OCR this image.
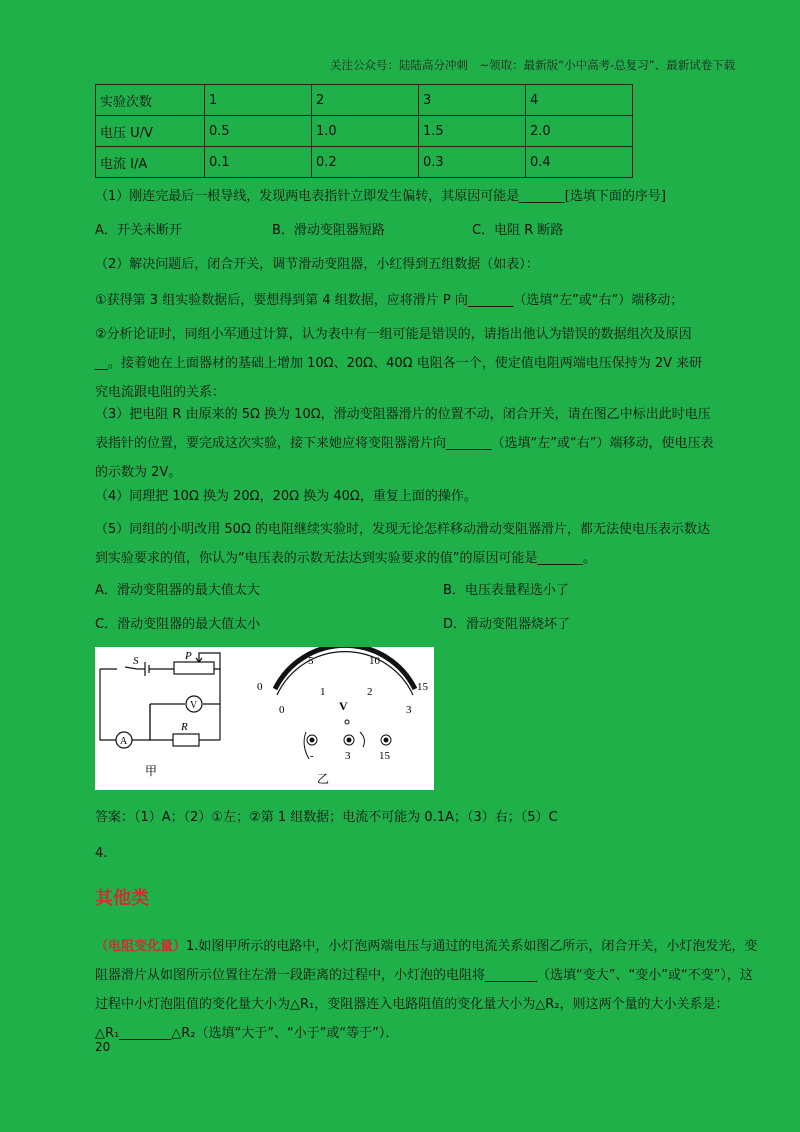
关注公众号：陆陆高分冲刺　~领取：最新版“小中高考-总复习”、最新试卷下载
实验次数	1	2	3	4
电压 U/V	0.5	1.0	1.5	2.0
电流 I/A	0.1	0.2	0.3	0.4
（1）刚连完最后一根导线，发现两电表指针立即发生偏转，其原因可能是_______[选填下面的序号]
A．开关未断开	B．滑动变阻器短路	C．电阻 R 断路
（2）解决问题后，闭合开关，调节滑动变阻器，小红得到五组数据（如表）：
①获得第 3 组实验数据后，要想得到第 4 组数据，应将滑片 P 向_______（选填“左”或“右”）端移动；
②分析论证时，同组小军通过计算，认为表中有一组可能是错误的，请指出他认为错误的数据组次及原因__。接着她在上面器材的基础上增加 10Ω、20Ω、40Ω 电阻各一个，使定值电阻两端电压保持为 2V 来研究电流跟电阻的关系：
（3）把电阻 R 由原来的 5Ω 换为 10Ω，滑动变阻器滑片的位置不动，闭合开关，请在图乙中标出此时电压表指针的位置，要完成这次实验，接下来她应将变阻器滑片向_______（选填“左”或“右”）端移动，使电压表的示数为 2V。
（4）同理把 10Ω 换为 20Ω，20Ω 换为 40Ω，重复上面的操作。
（5）同组的小明改用 50Ω 的电阻继续实验时，发现无论怎样移动滑动变阻器滑片，都无法使电压表示数达到实验要求的值，你认为“电压表的示数无法达到实验要求的值”的原因可能是_______。
A．滑动变阻器的最大值太大	B．电压表量程选小了
C．滑动变阻器的最大值太小	D．滑动变阻器烧坏了
S	P
R
A
V
甲
0
5	10
15
0
1	2
3
V
-	3	15
乙
答案：（1）A；（2）①左；②第 1 组数据；电流不可能为 0.1A；（3）右；（5）C
4.
其他类
（电阻变化量）1.如图甲所示的电路中，小灯泡两端电压与通过的电流关系如图乙所示，闭合开关，小灯泡发光，变阻器滑片从如图所示位置往左滑一段距离的过程中，小灯泡的电阻将________（选填“变大”、“变小”或“不变”），这过程中小灯泡阻值的变化量大小为△R₁，变阻器连入电路阻值的变化量大小为△R₂，则这两个量的大小关系是：△R₁________△R₂（选填“大于”、“小于”或“等于”）．
20
